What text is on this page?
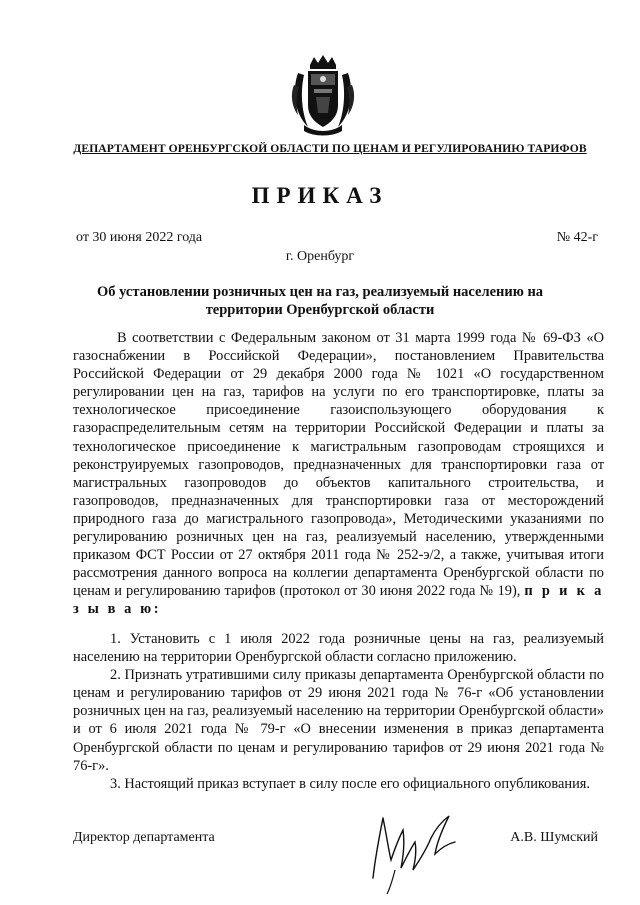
ДЕПАРТАМЕНТ ОРЕНБУРГСКОЙ ОБЛАСТИ ПО ЦЕНАМ И РЕГУЛИРОВАНИЮ ТАРИФОВ
ПРИКАЗ
от 30 июня 2022 года	№ 42-г
г. Оренбург
Об установлении розничных цен на газ, реализуемый населению на территории Оренбургской области

В соответствии с Федеральным законом от 31 марта 1999 года № 69-ФЗ «О газоснабжении в Российской Федерации», постановлением Правительства Российской Федерации от 29 декабря 2000 года № 1021 «О государственном регулировании цен на газ, тарифов на услуги по его транспортировке, платы за технологическое присоединение газоиспользующего оборудования к газораспределительным сетям на территории Российской Федерации и платы за технологическое присоединение к магистральным газопроводам строящихся и реконструируемых газопроводов, предназначенных для транспортировки газа от магистральных газопроводов до объектов капитального строительства, и газопроводов, предназначенных для транспортировки газа от месторождений природного газа до магистрального газопровода», Методическими указаниями по регулированию розничных цен на газ, реализуемый населению, утвержденными приказом ФСТ России от 27 октября 2011 года № 252-э/2, а также, учитывая итоги рассмотрения данного вопроса на коллегии департамента Оренбургской области по ценам и регулированию тарифов (протокол от 30 июня 2022 года № 19), п р и к а з ы в а ю:

1. Установить с 1 июля 2022 года розничные цены на газ, реализуемый населению на территории Оренбургской области согласно приложению.
2. Признать утратившими силу приказы департамента Оренбургской области по ценам и регулированию тарифов от 29 июня 2021 года № 76-г «Об установлении розничных цен на газ, реализуемый населению на территории Оренбургской области» и от 6 июля 2021 года № 79-г «О внесении изменения в приказ департамента Оренбургской области по ценам и регулированию тарифов от 29 июня 2021 года № 76-г».
3. Настоящий приказ вступает в силу после его официального опубликования.
Директор департамента	А.В. Шумский
